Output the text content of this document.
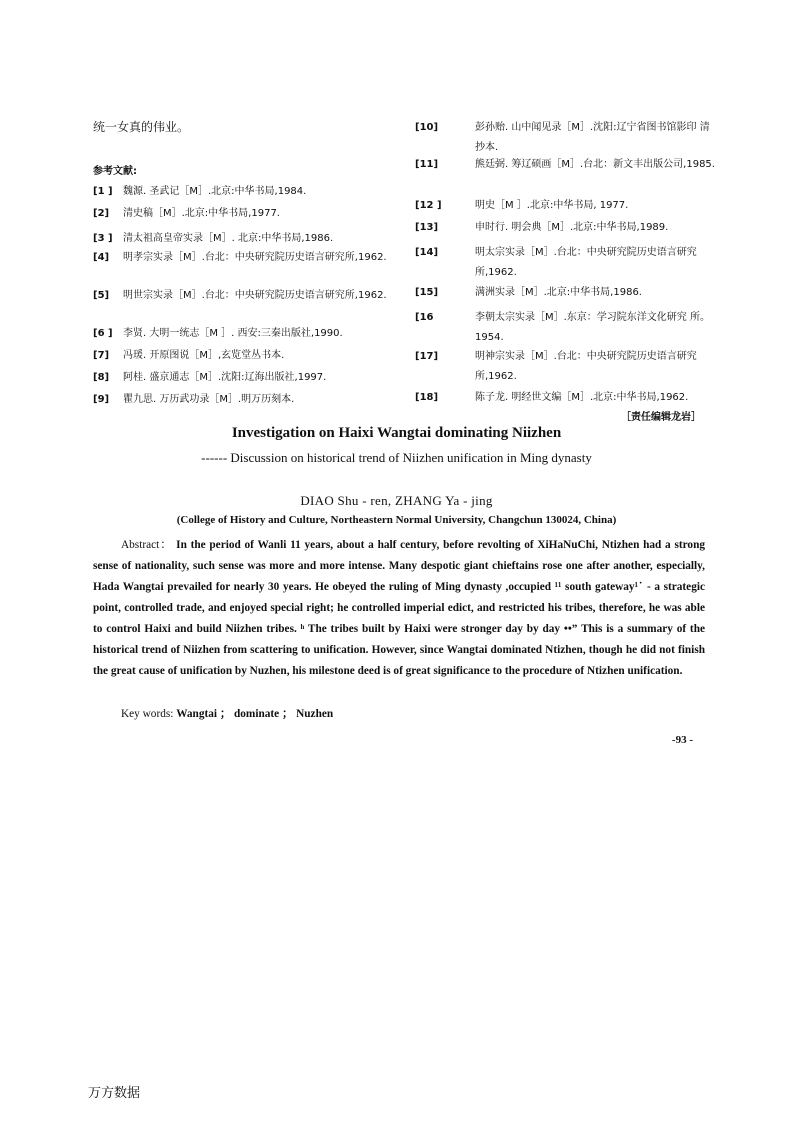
统一女真的伟业。
参考文献:
[1 ] 魏源. 圣武记［M］.北京:中华书局,1984.
[2] 清史稿［M］.北京:中华书局,1977.
[3 ] 清太祖高皇帝实录［M］. 北京:中华书局,1986.
[4] 明孝宗实录［M］.台北：中央研究院历史语言研究所,1962.
[5] 明世宗实录［M］.台北：中央研究院历史语言研究所,1962.
[6 ] 李贤. 大明一统志［M ］. 西安:三秦出版社,1990.
[7] 冯瑗. 开原图说［M］,玄览堂丛书本.
[8] 阿桂. 盛京通志［M］.沈阳:辽海出版社,1997.
[9] 瞿九思. 万历武功录［M］.明万历刻本.
[10]	彭孙贻. 山中闻见录［M］.沈阳:辽宁省图书馆影印 清抄本.
[11]	熊廷弼. 筹辽硕画［M］.台北：新文丰出版公司,1985.
[12 ]	明史［M ］.北京:中华书局, 1977.
[13]	申时行. 明会典［M］.北京:中华书局,1989.
[14]	明太宗实录［M］.台北：中央研究院历史语言研究 所,1962.
[15]	满洲实录［M］.北京:中华书局,1986.
[16	李朝太宗实录［M］.东京：学习院东洋文化研究 所。1954.
[17]	明神宗实录［M］.台北：中央研究院历史语言研究 所,1962.
[18]	陈子龙. 明经世文编［M］.北京:中华书局,1962.
［责任编辑龙岩］
Investigation on Haixi Wangtai dominating Niizhen
------ Discussion on historical trend of Niizhen unification in Ming dynasty
DIAO Shu - ren, ZHANG Ya - jing
(College of History and Culture, Northeastern Normal University, Changchun 130024, China)
Abstract： In the period of Wanli 11 years, about a half century, before revolting of XiHaNuChi, Ntizhen had a strong sense of nationality, such sense was more and more intense. Many despotic giant chieftains rose one after another, especially, Hada Wangtai prevailed for nearly 30 years. He obeyed the ruling of Ming dynasty ,occupied ¹¹ south gateway¹˙ - a strategic point, controlled trade, and enjoyed special right; he controlled imperial edict, and restricted his tribes, therefore, he was able to control Haixi and build Niizhen tribes. ʰ The tribes built by Haixi were stronger day by day ••” This is a summary of the historical trend of Niizhen from scattering to unification. However, since Wangtai dominated Ntizhen, though he did not finish the great cause of unification by Nuzhen, his milestone deed is of great significance to the procedure of Ntizhen unification.
Key words: Wangtai ； dominate ； Nuzhen
-93 -
万方数据
